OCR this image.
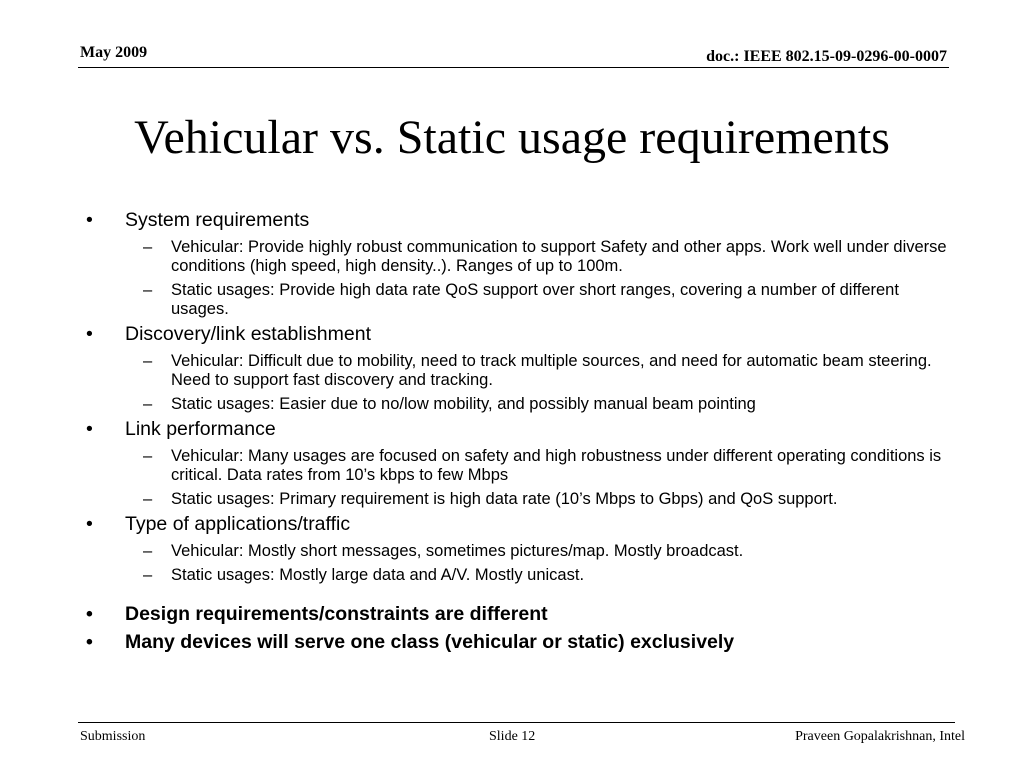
May 2009	doc.: IEEE 802.15-09-0296-00-0007
Vehicular vs. Static usage requirements
• System requirements
– Vehicular: Provide highly robust communication to support Safety and other apps. Work well under diverse conditions (high speed, high density..). Ranges of up to 100m.
– Static usages: Provide high data rate QoS support over short ranges, covering a number of different usages.
• Discovery/link establishment
– Vehicular: Difficult due to mobility, need to track multiple sources, and need for automatic beam steering. Need to support fast discovery and tracking.
– Static usages: Easier due to no/low mobility, and possibly manual beam pointing
• Link performance
– Vehicular: Many usages are focused on safety and high robustness under different operating conditions is critical. Data rates from 10’s kbps to few Mbps
– Static usages: Primary requirement is high data rate (10’s Mbps to Gbps) and QoS support.
• Type of applications/traffic
– Vehicular: Mostly short messages, sometimes pictures/map. Mostly broadcast.
– Static usages: Mostly large data and A/V. Mostly unicast.
• Design requirements/constraints are different
• Many devices will serve one class (vehicular or static) exclusively
Submission	Slide 12	Praveen Gopalakrishnan, Intel
